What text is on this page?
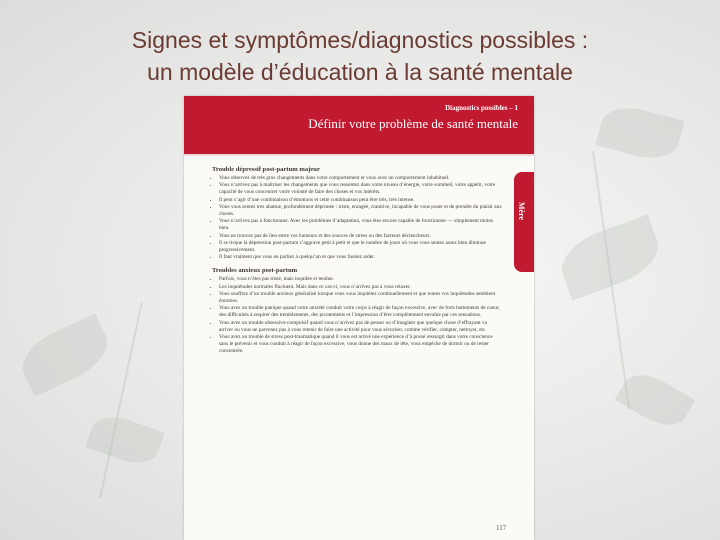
Signes et symptômes/diagnostics possibles :
un modèle d’éducation à la santé mentale
Diagnostics possibles – 1
Définir votre problème de santé mentale
Mère
Trouble dépressif post-partum majeur
• Vous observez de très gros changements dans votre comportement et vous avez un comportement inhabituel.
• Vous n’arrivez pas à maîtriser les changements que vous ressentez dans votre niveau d’énergie, votre sommeil, votre appétit, votre capacité de vous concentrer votre volonté de faire des choses et vos intérêts.
• Il peut s’agir d’une combinaison d’émotions et cette combinaison peut être très, très intense.
• Vous vous sentez très abattue, profondément déprimée : triste, enragée, craintive, incapable de vous poser et de prendre du plaisir aux choses.
• Vous n’arrivez pas à fonctionner. Avec les problèmes d’adaptation, vous êtes encore capable de fonctionner — simplement moins bien.
• Vous ne trouvez pas de lien entre vos humeurs et des sources de stress ou des facteurs déclencheurs.
• Il se risque la dépression post-partum s’aggrave petit à petit et que le nombre de jours où vous vous sentez assez bien diminue progressivement.
• Il faut vraiment que vous en parliez à quelqu’un et que vous fassiez aider.
Troubles anxieux post-partum
• Parfois, vous n’êtes pas triste, mais inquiète et tendue.
• Les inquiétudes normales fluctuent. Mais dans ce cas-ci, vous n’arrivez pas à vous relaxer.
• Vous souffrez d’un trouble anxieux généralisé lorsque vous vous inquiétez continuellement et que toutes vos inquiétudes semblent énormes.
• Vous avez un trouble panique quand votre anxiété conduit votre corps à réagir de façon excessive, avec de forts battements de coeur, des difficultés à respirer des tremblements, des picotements et l’impression d’être complètement envahie par ces sensations.
• Vous avez un trouble obsessivo-compulsif quand vous n’arrivez pas de penser ou d’imaginer que quelque chose d’effrayant va arriver ou vous ne parvenez pas à vous retenir de faire une activité pour vous sécuriser, comme vérifier, compter, nettoyer, etc.
• Vous avez un trouble de stress post-traumatique quand il vous est arrivé une expérience d’à possé ressurgit dans votre conscience sans le prévenir et vous conduit à réagir de façon excessive, vous donne des maux de tête, vous empêche de dormir ou de rester concentrée.
117
